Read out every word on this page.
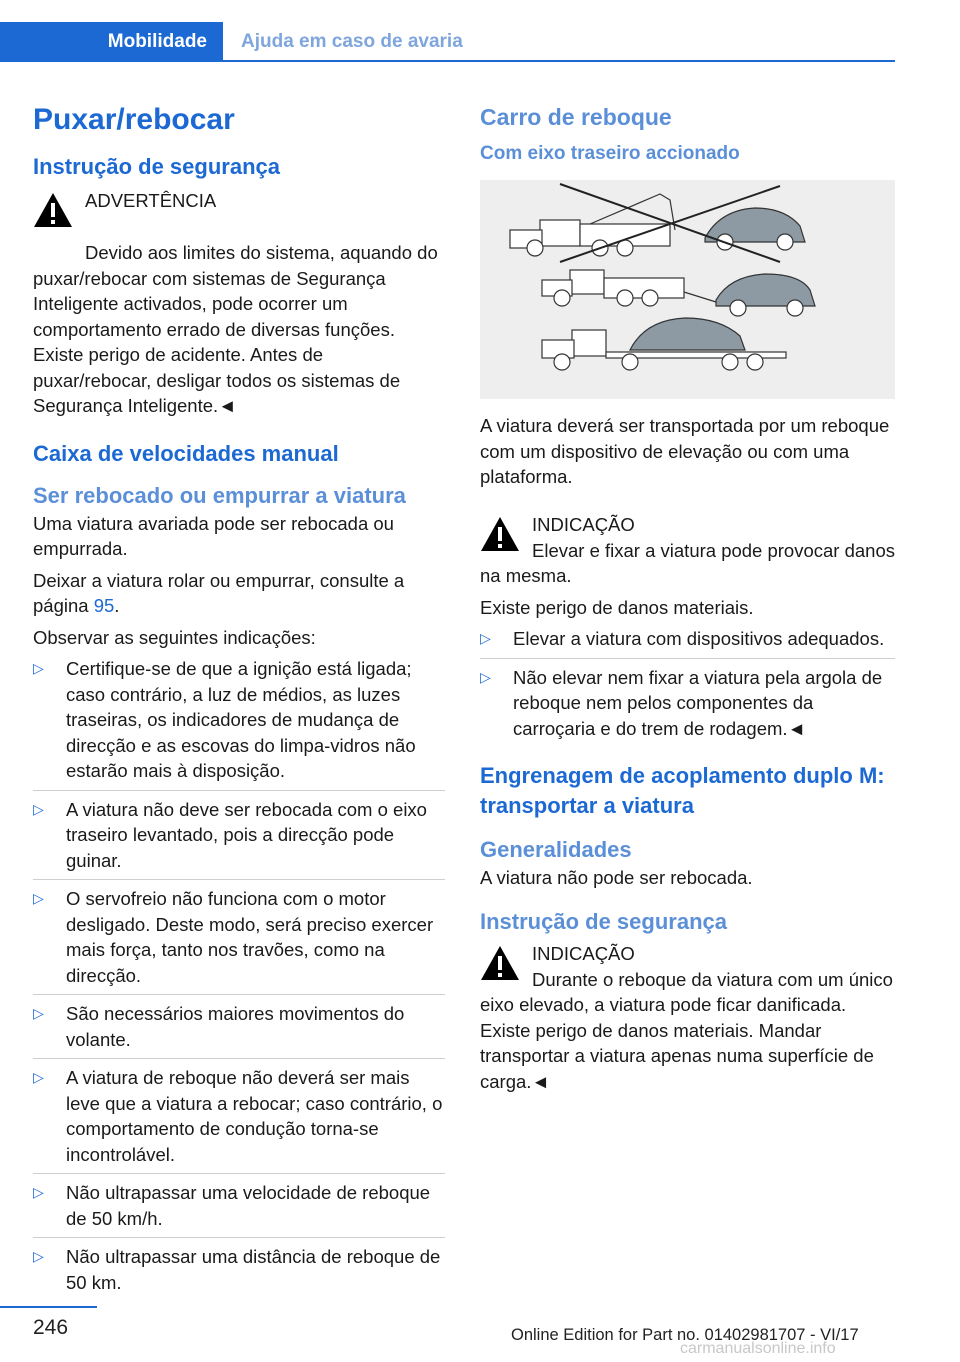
Mobilidade	Ajuda em caso de avaria
Puxar/rebocar
Instrução de segurança
ADVERTÊNCIA

Devido aos limites do sistema, aquando do puxar/rebocar com sistemas de Segurança Inteligente activados, pode ocorrer um comportamento errado de diversas funções. Existe perigo de acidente. Antes de puxar/rebocar, desligar todos os sistemas de Segurança Inteligente.◄

Caixa de velocidades manual
Ser rebocado ou empurrar a viatura

Uma viatura avariada pode ser rebocada ou empurrada.

Deixar a viatura rolar ou empurrar, consulte a página 95.

Observar as seguintes indicações:

▷ Certifique-se de que a ignição está ligada; caso contrário, a luz de médios, as luzes traseiras, os indicadores de mudança de direcção e as escovas do limpa-vidros não estarão mais à disposição.
▷ A viatura não deve ser rebocada com o eixo traseiro levantado, pois a direcção pode guinar.
▷ O servofreio não funciona com o motor desligado. Deste modo, será preciso exercer mais força, tanto nos travões, como na direcção.
▷ São necessários maiores movimentos do volante.
▷ A viatura de reboque não deverá ser mais leve que a viatura a rebocar; caso contrário, o comportamento de condução torna-se incontrolável.
▷ Não ultrapassar uma velocidade de reboque de 50 km/h.
▷ Não ultrapassar uma distância de reboque de 50 km.
Carro de reboque
Com eixo traseiro accionado

A viatura deverá ser transportada por um reboque com um dispositivo de elevação ou com uma plataforma.

INDICAÇÃO

Elevar e fixar a viatura pode provocar danos na mesma.

Existe perigo de danos materiais.

▷ Elevar a viatura com dispositivos adequados.
▷ Não elevar nem fixar a viatura pela argola de reboque nem pelos componentes da carroçaria e do trem de rodagem.◄
Engrenagem de acoplamento duplo M: transportar a viatura
Generalidades

A viatura não pode ser rebocada.

Instrução de segurança
INDICAÇÃO

Durante o reboque da viatura com um único eixo elevado, a viatura pode ficar danificada. Existe perigo de danos materiais. Mandar transportar a viatura apenas numa superfície de carga.◄

246	Online Edition for Part no. 01402981707 - VI/17
carmanualsonline.info
